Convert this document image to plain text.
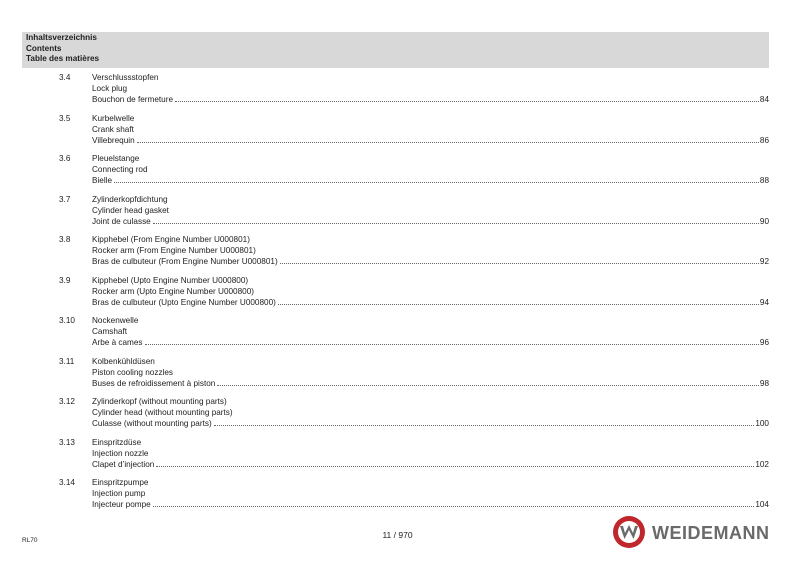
Inhaltsverzeichnis
Contents
Table des matières
3.4	Verschlussstopfen
Lock plug
Bouchon de fermeture	84
3.5	Kurbelwelle
Crank shaft
Villebrequin	86
3.6	Pleuelstange
Connecting rod
Bielle	88
3.7	Zylinderkopfdichtung
Cylinder head gasket
Joint de culasse	90
3.8	Kipphebel (From Engine Number U000801)
Rocker arm (From Engine Number U000801)
Bras de culbuteur (From Engine Number U000801)	92
3.9	Kipphebel (Upto Engine Number U000800)
Rocker arm (Upto Engine Number U000800)
Bras de culbuteur (Upto Engine Number U000800)	94
3.10 Nockenwelle
Camshaft
Arbe à cames	96
3.11 Kolbenkühldüsen
Piston cooling nozzles
Buses de refroidissement à piston	98
3.12 Zylinderkopf (without mounting parts)
Cylinder head (without mounting parts)
Culasse (without mounting parts)	100
3.13 Einspritzdüse
Injection nozzle
Clapet d’injection	102
3.14 Einspritzpumpe
Injection pump
Injecteur pompe	104
RL70
11 / 970	WEIDEMANN
